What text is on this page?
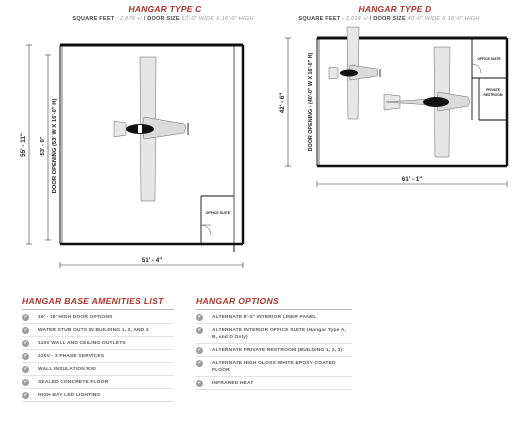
HANGAR TYPE C
SQUARE FEET - 2,878 +/ / DOOR SIZE 53'-0" WIDE X 16'-0" HIGH
OFFICE SUITE
55' - 11" 53' - 0" DOOR OPENING (53' W X 16'-0" H)
51' - 4"
OFFICE SUITE
PRIVATE
RESTROOM
42' - 6"	DOOR OPENING - (40'-0" W X 16'-0" H)
61' - 1"
HANGAR TYPE D
SQUARE FEET - 2,614 +/ / DOOR SIZE 40'-0" WIDE X 16'-0" HIGH
HANGAR BASE AMENITIES LIST
✓ 16' - 18' HIGH DOOR OPTIONS
✓ WATER STUB OUTS IN BUILDING 1, 2, AND 3
✓ 110V WALL AND CEILING OUTLETS
✓ 220V - 3 PHASE SERVICES
✓ WALL INSULATION R30
✓ SEALED CONCRETE FLOOR
✓ HIGH BAY LED LIGHTING
HANGAR OPTIONS
✓ ALTERNATE 8'-0" INTERIOR LINER PANEL
✓ ALTERNATE INTERIOR OFFICE SUITE (Hangar Type A, B, and D Only)
✓ ALTERNATE PRIVATE RESTROOM (BUILDING 1, 2, 3)
✓ ALTERNATE HIGH GLOSS WHITE EPOXY COATED FLOOR
✓ INFRARED HEAT
